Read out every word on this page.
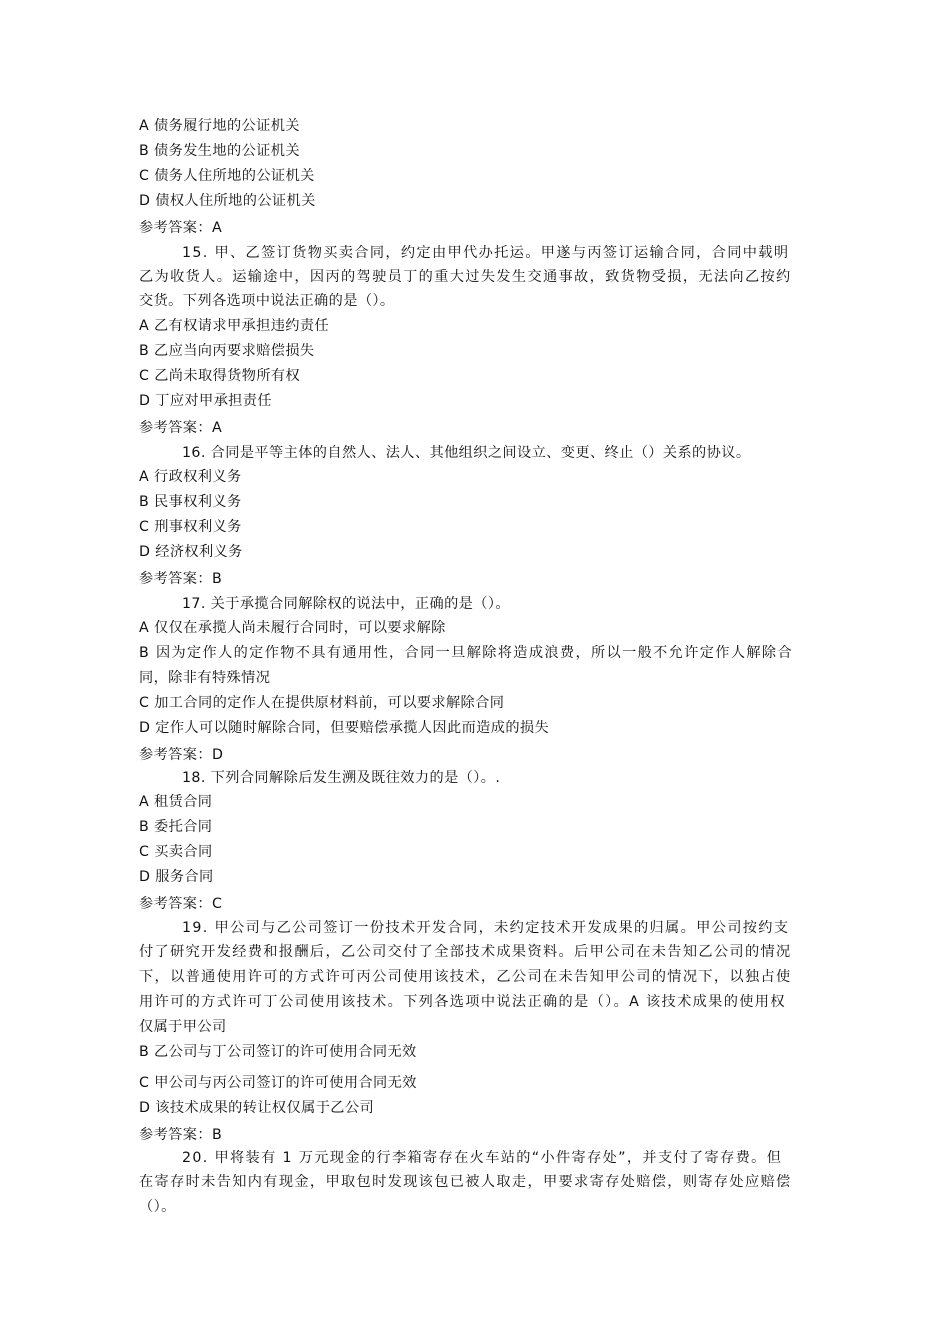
A 债务履行地的公证机关
B 债务发生地的公证机关
C 债务人住所地的公证机关
D 债权人住所地的公证机关
参考答案：A
15. 甲、乙签订货物买卖合同，约定由甲代办托运。甲遂与丙签订运输合同，合同中载明
乙为收货人。运输途中，因丙的驾驶员丁的重大过失发生交通事故，致货物受损，无法向乙按约
交货。下列各选项中说法正确的是（）。
A 乙有权请求甲承担违约责任
B 乙应当向丙要求赔偿损失
C 乙尚未取得货物所有权
D 丁应对甲承担责任
参考答案：A
16. 合同是平等主体的自然人、法人、其他组织之间设立、变更、终止（）关系的协议。
A 行政权利义务
B 民事权利义务
C 刑事权利义务
D 经济权利义务
参考答案：B
17. 关于承揽合同解除权的说法中，正确的是（）。
A 仅仅在承揽人尚未履行合同时，可以要求解除
B 因为定作人的定作物不具有通用性，合同一旦解除将造成浪费，所以一般不允许定作人解除合
同，除非有特殊情况
C 加工合同的定作人在提供原材料前，可以要求解除合同
D 定作人可以随时解除合同，但要赔偿承揽人因此而造成的损失
参考答案：D
18. 下列合同解除后发生溯及既往效力的是（）。.
A 租赁合同
B 委托合同
C 买卖合同
D 服务合同
参考答案：C
19. 甲公司与乙公司签订一份技术开发合同，未约定技术开发成果的归属。甲公司按约支
付了研究开发经费和报酬后，乙公司交付了全部技术成果资料。后甲公司在未告知乙公司的情况
下，以普通使用许可的方式许可丙公司使用该技术，乙公司在未告知甲公司的情况下，以独占使
用许可的方式许可丁公司使用该技术。下列各选项中说法正确的是（）。A 该技术成果的使用权
仅属于甲公司
B 乙公司与丁公司签订的许可使用合同无效
C 甲公司与丙公司签订的许可使用合同无效
D 该技术成果的转让权仅属于乙公司
参考答案：B
20. 甲将装有 1 万元现金的行李箱寄存在火车站的“小件寄存处”，并支付了寄存费。但
在寄存时未告知内有现金，甲取包时发现该包已被人取走，甲要求寄存处赔偿，则寄存处应赔偿
（）。
